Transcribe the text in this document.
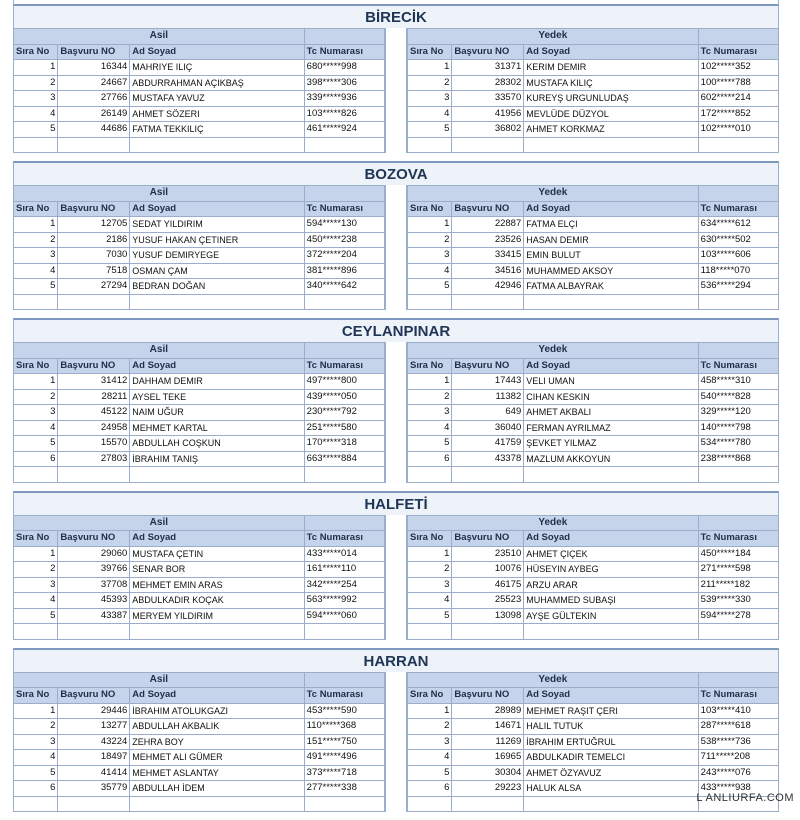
BİRECİK
Asil			
Sıra No	Başvuru NO	Ad Soyad	Tc Numarası
1	16344	MAHRIYE ILIÇ	680*****998
2	24667	ABDURRAHMAN AÇIKBAŞ	398*****306
3	27766	MUSTAFA YAVUZ	339*****936
4	26149	AHMET SÖZERI	103*****826
5	44686	FATMA TEKKILIÇ	461*****924

Yedek			
Sıra No	Başvuru NO	Ad Soyad	Tc Numarası
1	31371	KERIM DEMIR	102*****352
2	28302	MUSTAFA KILIÇ	100*****788
3	33570	KUREYŞ URGUNLUDAŞ	602*****214
4	41956	MEVLÜDE DÜZYOL	172*****852
5	36802	AHMET KORKMAZ	102*****010

BOZOVA
Asil			
Sıra No	Başvuru NO	Ad Soyad	Tc Numarası
1	12705	SEDAT YILDIRIM	594*****130
2	2186	YUSUF HAKAN ÇETINER	450*****238
3	7030	YUSUF DEMIRYEGE	372*****204
4	7518	OSMAN ÇAM	381*****896
5	27294	BEDRAN DOĞAN	340*****642

Yedek			
Sıra No	Başvuru NO	Ad Soyad	Tc Numarası
1	22887	FATMA ELÇI	634*****612
2	23526	HASAN DEMIR	630*****502
3	33415	EMIN BULUT	103*****606
4	34516	MUHAMMED AKSOY	118*****070
5	42946	FATMA ALBAYRAK	536*****294

CEYLANPINAR
Asil			
Sıra No	Başvuru NO	Ad Soyad	Tc Numarası
1	31412	DAHHAM DEMIR	497*****800
2	28211	AYSEL TEKE	439*****050
3	45122	NAIM UĞUR	230*****792
4	24958	MEHMET KARTAL	251*****580
5	15570	ABDULLAH COŞKUN	170*****318
6	27803	İBRAHIM TANIŞ	663*****884

Yedek			
Sıra No	Başvuru NO	Ad Soyad	Tc Numarası
1	17443	VELI UMAN	458*****310
2	11382	CIHAN KESKIN	540*****828
3	649	AHMET AKBALI	329*****120
4	36040	FERMAN AYRILMAZ	140*****798
5	41759	ŞEVKET YILMAZ	534*****780
6	43378	MAZLUM AKKOYUN	238*****868

HALFETİ
Asil			
Sıra No	Başvuru NO	Ad Soyad	Tc Numarası
1	29060	MUSTAFA ÇETIN	433*****014
2	39766	SENAR BOR	161*****110
3	37708	MEHMET EMIN ARAS	342*****254
4	45393	ABDULKADIR KOÇAK	563*****992
5	43387	MERYEM YILDIRIM	594*****060

Yedek			
Sıra No	Başvuru NO	Ad Soyad	Tc Numarası
1	23510	AHMET ÇIÇEK	450*****184
2	10076	HÜSEYIN AYBEG	271*****598
3	46175	ARZU ARAR	211*****182
4	25523	MUHAMMED SUBAŞI	539*****330
5	13098	AYŞE GÜLTEKIN	594*****278

HARRAN
Asil			
Sıra No	Başvuru NO	Ad Soyad	Tc Numarası
1	29446	İBRAHIM ATOLUKGAZI	453*****590
2	13277	ABDULLAH AKBALIK	110*****368
3	43224	ZEHRA BOY	151*****750
4	18497	MEHMET ALI GÜMER	491*****496
5	41414	MEHMET ASLANTAY	373*****718
6	35779	ABDULLAH İDEM	277*****338

Yedek			
Sıra No	Başvuru NO	Ad Soyad	Tc Numarası
1	28989	MEHMET RAŞIT ÇERI	103*****410
2	14671	HALIL TUTUK	287*****618
3	11269	İBRAHIM ERTUĞRUL	538*****736
4	16965	ABDULKADIR TEMELCI	711*****208
5	30304	AHMET ÖZYAVUZ	243*****076
6	29223	HALUK ALSA	433*****938

L ANLIURFA.COM
